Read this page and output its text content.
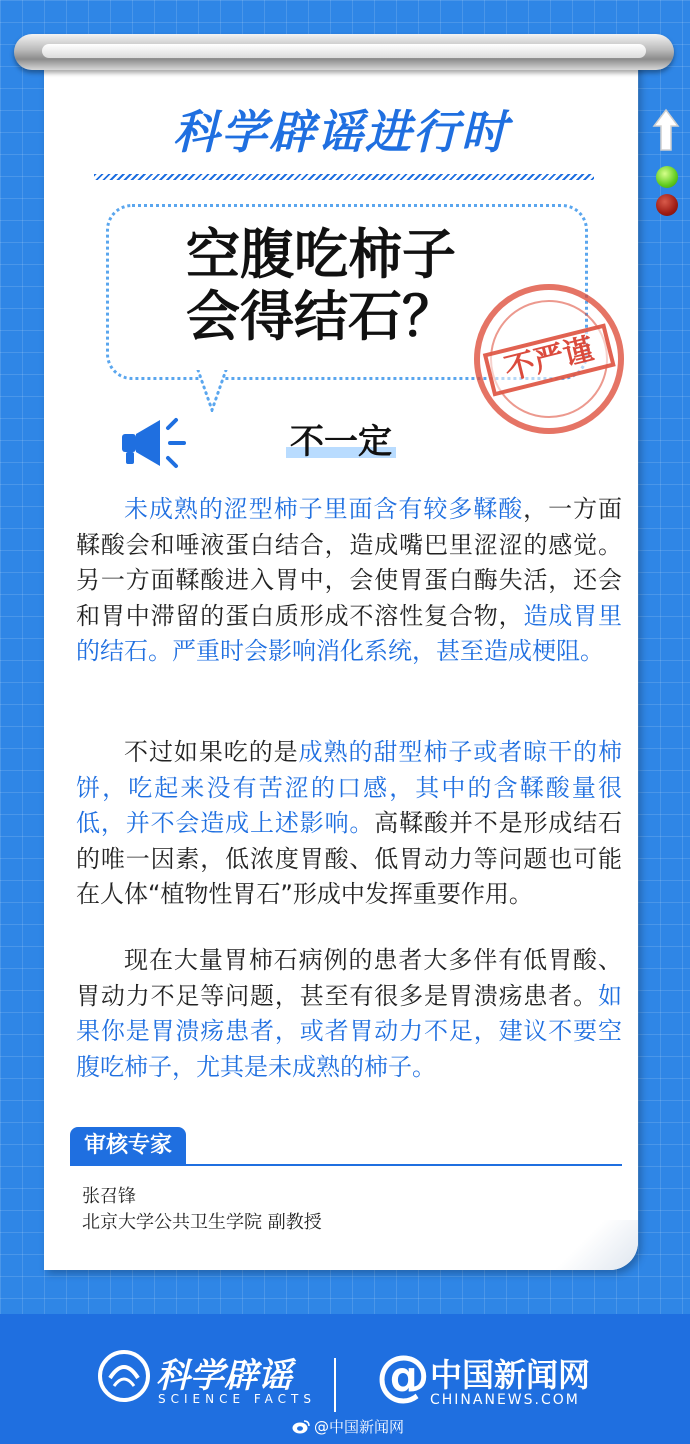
科学辟谣进行时
空腹吃柿子
会得结石？
不严谨
不一定

未成熟的涩型柿子里面含有较多鞣酸，一方面鞣酸会和唾液蛋白结合，造成嘴巴里涩涩的感觉。另一方面鞣酸进入胃中，会使胃蛋白酶失活，还会和胃中滞留的蛋白质形成不溶性复合物，造成胃里的结石。严重时会影响消化系统，甚至造成梗阻。

不过如果吃的是成熟的甜型柿子或者晾干的柿饼，吃起来没有苦涩的口感，其中的含鞣酸量很低，并不会造成上述影响。高鞣酸并不是形成结石的唯一因素，低浓度胃酸、低胃动力等问题也可能在人体“植物性胃石”形成中发挥重要作用。

现在大量胃柿石病例的患者大多伴有低胃酸、胃动力不足等问题，甚至有很多是胃溃疡患者。如果你是胃溃疡患者，或者胃动力不足，建议不要空腹吃柿子，尤其是未成熟的柿子。

审核专家
张召锋
北京大学公共卫生学院 副教授
科学辟谣
SCIENCE FACTS @ 中国新闻网
CHINANEWS.COM
@中国新闻网
